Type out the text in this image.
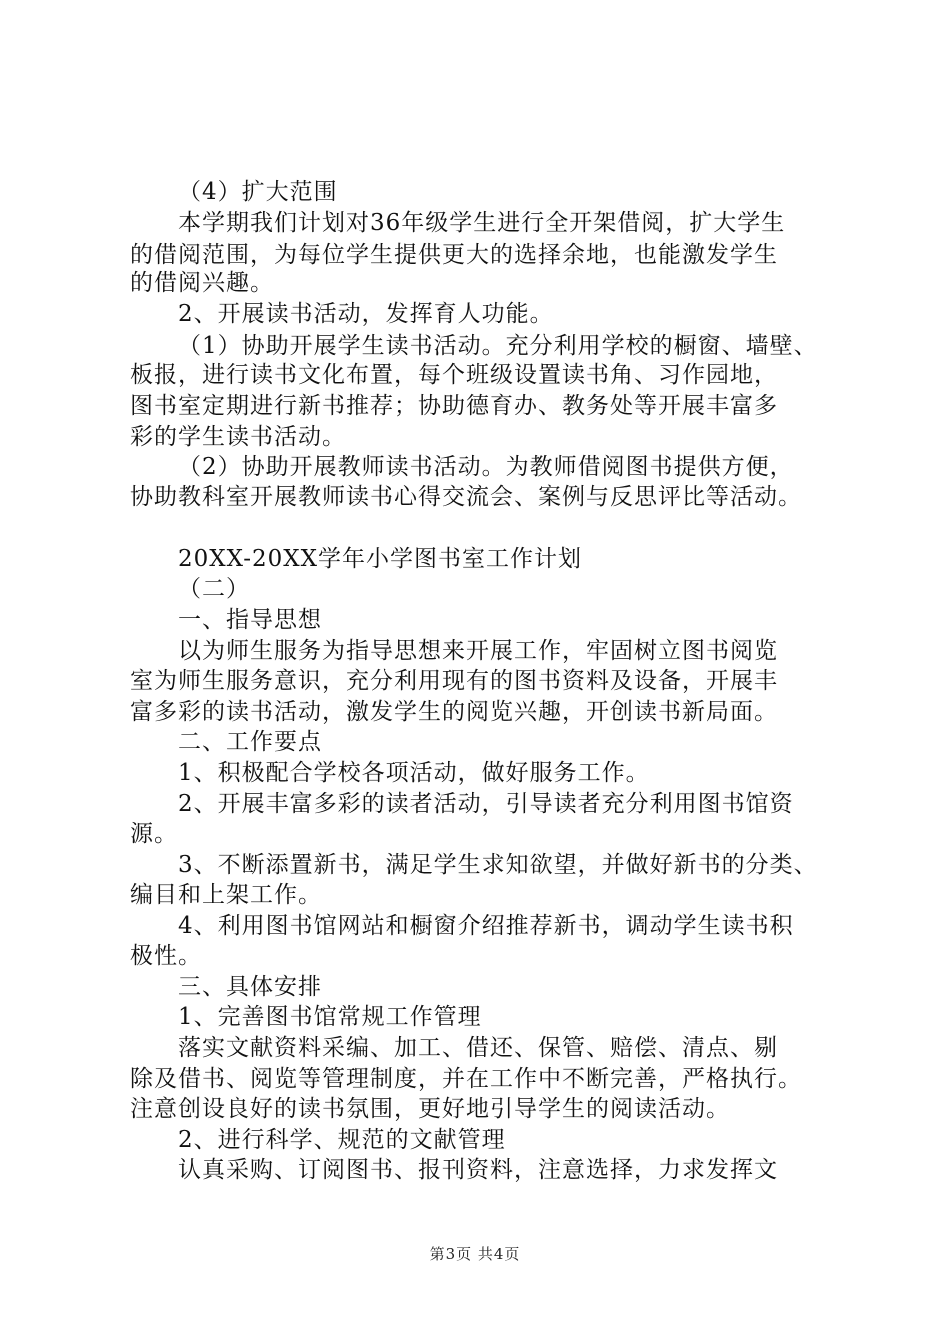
（4）扩大范围
本学期我们计划对36年级学生进行全开架借阅，扩大学生
的借阅范围，为每位学生提供更大的选择余地，也能激发学生
的借阅兴趣。
2、开展读书活动，发挥育人功能。
（1）协助开展学生读书活动。充分利用学校的橱窗、墙壁、
板报，进行读书文化布置，每个班级设置读书角、习作园地，
图书室定期进行新书推荐；协助德育办、教务处等开展丰富多
彩的学生读书活动。
（2）协助开展教师读书活动。为教师借阅图书提供方便，
协助教科室开展教师读书心得交流会、案例与反思评比等活动。
20XX-20XX学年小学图书室工作计划
（二）
一、指导思想
以为师生服务为指导思想来开展工作，牢固树立图书阅览
室为师生服务意识，充分利用现有的图书资料及设备，开展丰
富多彩的读书活动，激发学生的阅览兴趣，开创读书新局面。
二、工作要点
1、积极配合学校各项活动，做好服务工作。
2、开展丰富多彩的读者活动，引导读者充分利用图书馆资
源。
3、不断添置新书，满足学生求知欲望，并做好新书的分类、
编目和上架工作。
4、利用图书馆网站和橱窗介绍推荐新书，调动学生读书积
极性。
三、具体安排
1、完善图书馆常规工作管理
落实文献资料采编、加工、借还、保管、赔偿、清点、剔
除及借书、阅览等管理制度，并在工作中不断完善，严格执行。
注意创设良好的读书氛围，更好地引导学生的阅读活动。
2、进行科学、规范的文献管理
认真采购、订阅图书、报刊资料，注意选择，力求发挥文
第3页 共4页
